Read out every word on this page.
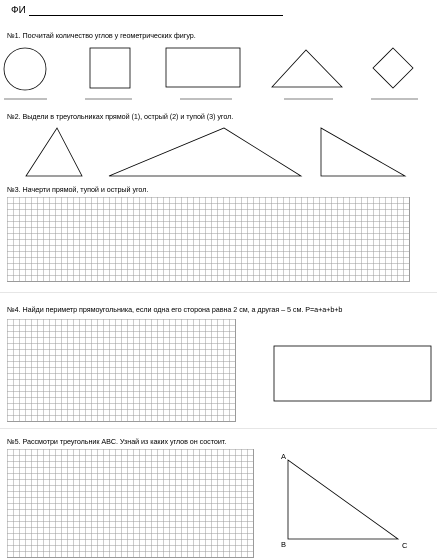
ФИ
№1. Посчитай количество углов у геометрических фигур.
№2. Выдели в треугольниках прямой (1), острый (2) и тупой (3) угол.
№3. Начерти прямой, тупой и острый угол.
№4. Найди периметр прямоугольника, если одна его сторона равна 2 см, а другая – 5 см. P=a+a+b+b
№5. Рассмотри треугольник ABC. Узнай из каких углов он состоит.
A
B	C
